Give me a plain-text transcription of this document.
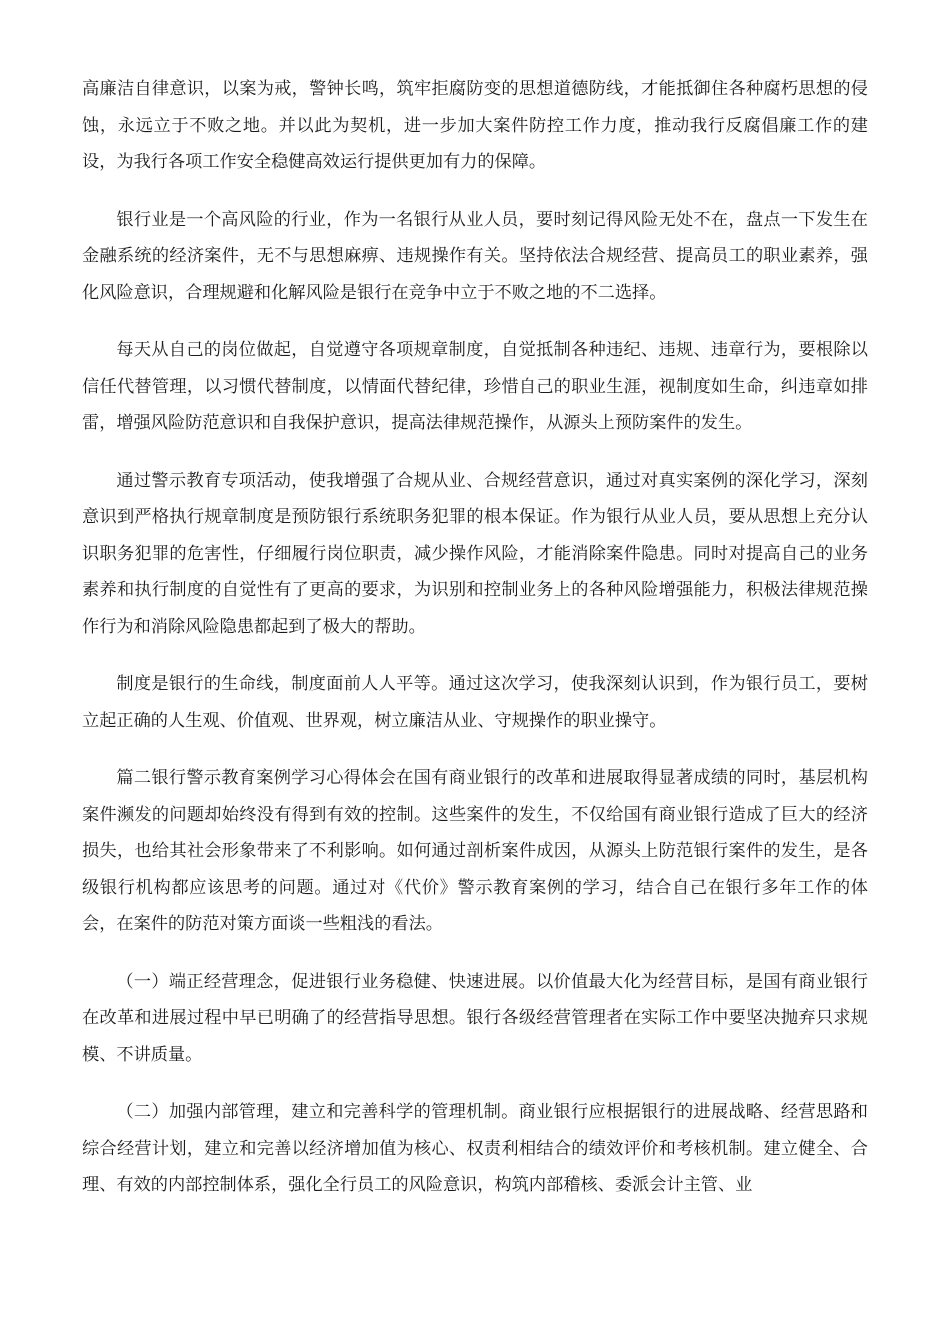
高廉洁自律意识，以案为戒，警钟长鸣，筑牢拒腐防变的思想道德防线，才能抵御住各种腐朽思想的侵蚀，永远立于不败之地。并以此为契机，进一步加大案件防控工作力度，推动我行反腐倡廉工作的建设，为我行各项工作安全稳健高效运行提供更加有力的保障。

银行业是一个高风险的行业，作为一名银行从业人员，要时刻记得风险无处不在，盘点一下发生在金融系统的经济案件，无不与思想麻痹、违规操作有关。坚持依法合规经营、提高员工的职业素养，强化风险意识，合理规避和化解风险是银行在竞争中立于不败之地的不二选择。

每天从自己的岗位做起，自觉遵守各项规章制度，自觉抵制各种违纪、违规、违章行为，要根除以信任代替管理，以习惯代替制度，以情面代替纪律，珍惜自己的职业生涯，视制度如生命，纠违章如排雷，增强风险防范意识和自我保护意识，提高法律规范操作，从源头上预防案件的发生。

通过警示教育专项活动，使我增强了合规从业、合规经营意识，通过对真实案例的深化学习，深刻意识到严格执行规章制度是预防银行系统职务犯罪的根本保证。作为银行从业人员，要从思想上充分认识职务犯罪的危害性，仔细履行岗位职责，减少操作风险，才能消除案件隐患。同时对提高自己的业务素养和执行制度的自觉性有了更高的要求，为识别和控制业务上的各种风险增强能力，积极法律规范操作行为和消除风险隐患都起到了极大的帮助。

制度是银行的生命线，制度面前人人平等。通过这次学习，使我深刻认识到，作为银行员工，要树立起正确的人生观、价值观、世界观，树立廉洁从业、守规操作的职业操守。

篇二银行警示教育案例学习心得体会在国有商业银行的改革和进展取得显著成绩的同时，基层机构案件濒发的问题却始终没有得到有效的控制。这些案件的发生，不仅给国有商业银行造成了巨大的经济损失，也给其社会形象带来了不利影响。如何通过剖析案件成因，从源头上防范银行案件的发生，是各级银行机构都应该思考的问题。通过对《代价》警示教育案例的学习，结合自己在银行多年工作的体会，在案件的防范对策方面谈一些粗浅的看法。

（一）端正经营理念，促进银行业务稳健、快速进展。以价值最大化为经营目标，是国有商业银行在改革和进展过程中早已明确了的经营指导思想。银行各级经营管理者在实际工作中要坚决抛弃只求规模、不讲质量。

（二）加强内部管理，建立和完善科学的管理机制。商业银行应根据银行的进展战略、经营思路和综合经营计划，建立和完善以经济增加值为核心、权责利相结合的绩效评价和考核机制。建立健全、合理、有效的内部控制体系，强化全行员工的风险意识，构筑内部稽核、委派会计主管、业
